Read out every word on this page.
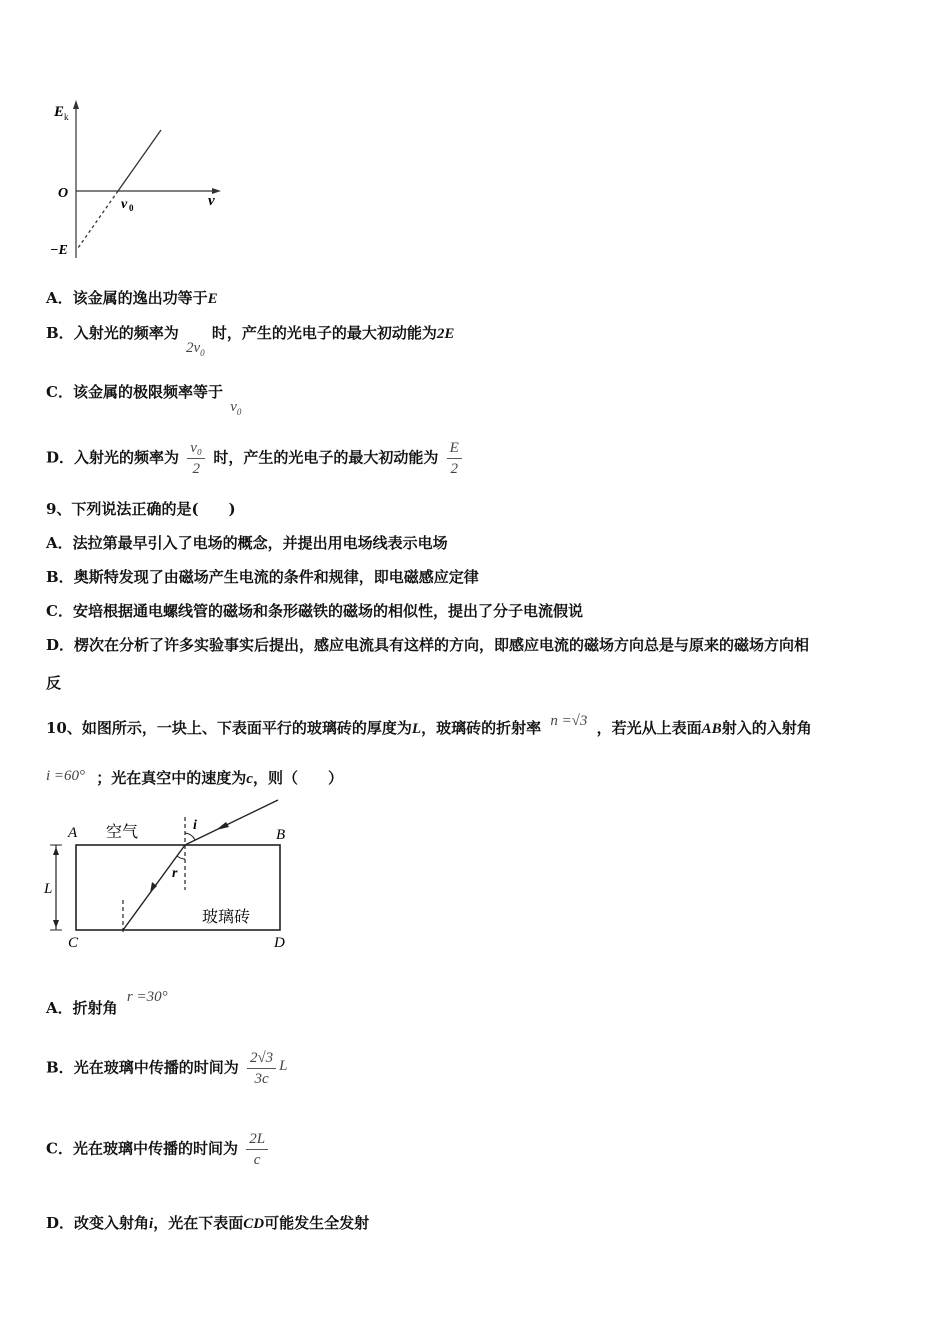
E k
O	ν
ν 0
−E
A．该金属的逸出功等于E
B．入射光的频率为 $2\nu_0$ 时，产生的光电子的最大初动能为2E
C．该金属的极限频率等于 $\nu_0$
D．入射光的频率为 $\frac{\text{ν₀}}{2}$ 时，产生的光电子的最大初动能为 $\frac{E}{2}$
9、下列说法正确的是(　　)
A．法拉第最早引入了电场的概念，并提出用电场线表示电场
B．奥斯特发现了由磁场产生电流的条件和规律，即电磁感应定律
C．安培根据通电螺线管的磁场和条形磁铁的磁场的相似性，提出了分子电流假说
D．楞次在分析了许多实验事实后提出，感应电流具有这样的方向，即感应电流的磁场方向总是与原来的磁场方向相
反
10、如图所示，一块上、下表面平行的玻璃砖的厚度为L，玻璃砖的折射率 n =√3 ，若光从上表面AB射入的入射角
i =60° ；光在真空中的速度为c，则（　　）
A	B
C	D
空气
玻璃砖
L
i
r
A．折射角 r =30°
B．光在玻璃中传播的时间为 $\frac{2√3}{3c}$ L
C．光在玻璃中传播的时间为 $\frac{2L}{c}$
D．改变入射角i，光在下表面CD可能发生全发射
